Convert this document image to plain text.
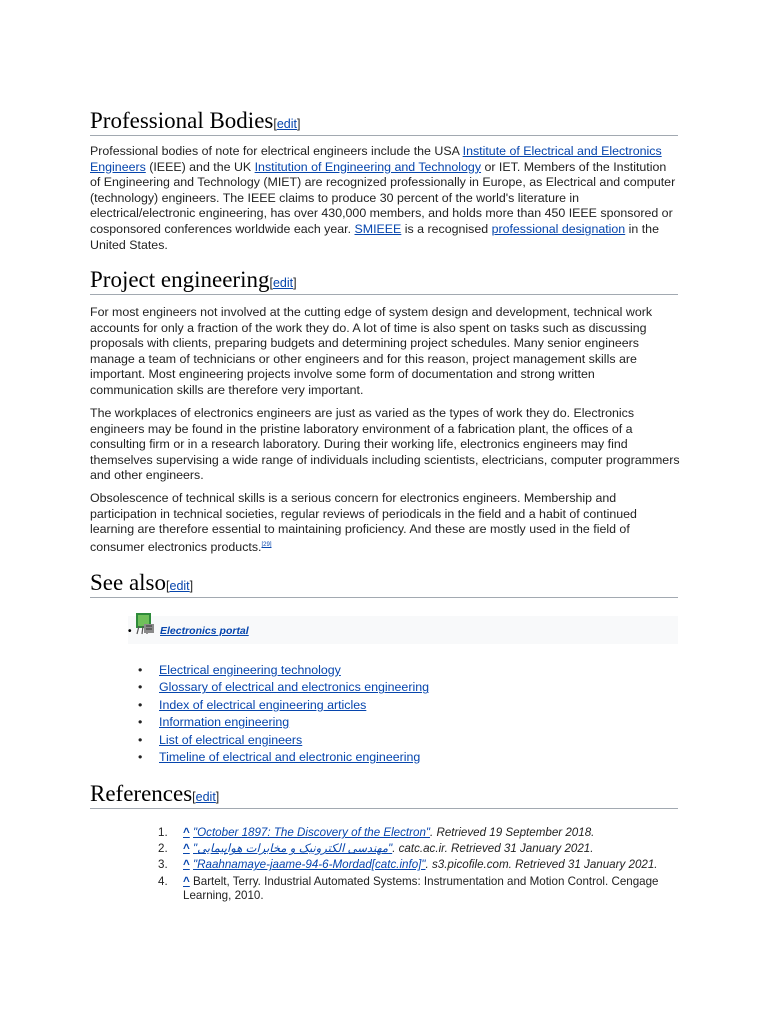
Professional Bodies[edit]

Professional bodies of note for electrical engineers include the USA Institute of Electrical and Electronics Engineers (IEEE) and the UK Institution of Engineering and Technology or IET. Members of the Institution of Engineering and Technology (MIET) are recognized professionally in Europe, as Electrical and computer (technology) engineers. The IEEE claims to produce 30 percent of the world's literature in electrical/electronic engineering, has over 430,000 members, and holds more than 450 IEEE sponsored or cosponsored conferences worldwide each year. SMIEEE is a recognised professional designation in the United States.

Project engineering[edit]

For most engineers not involved at the cutting edge of system design and development, technical work accounts for only a fraction of the work they do. A lot of time is also spent on tasks such as discussing proposals with clients, preparing budgets and determining project schedules. Many senior engineers manage a team of technicians or other engineers and for this reason, project management skills are important. Most engineering projects involve some form of documentation and strong written communication skills are therefore very important.

The workplaces of electronics engineers are just as varied as the types of work they do. Electronics engineers may be found in the pristine laboratory environment of a fabrication plant, the offices of a consulting firm or in a research laboratory. During their working life, electronics engineers may find themselves supervising a wide range of individuals including scientists, electricians, computer programmers and other engineers.

Obsolescence of technical skills is a serious concern for electronics engineers. Membership and participation in technical societies, regular reviews of periodicals in the field and a habit of continued learning are therefore essential to maintaining proficiency. And these are mostly used in the field of consumer electronics products.[29]

See also[edit]
•	Electronics portal
• Electrical engineering technology
• Glossary of electrical and electronics engineering
• Index of electrical engineering articles
• Information engineering
• List of electrical engineers
• Timeline of electrical and electronic engineering
References[edit]
1. ^ "October 1897: The Discovery of the Electron". Retrieved 19 September 2018.
2. ^ "مهندسی الکترونیک و مخابرات هواپیمایی". catc.ac.ir. Retrieved 31 January 2021.
3. ^ "Raahnamaye-jaame-94-6-Mordad[catc.info]". s3.picofile.com. Retrieved 31 January 2021.
4. ^ Bartelt, Terry. Industrial Automated Systems: Instrumentation and Motion Control. Cengage Learning, 2010.
